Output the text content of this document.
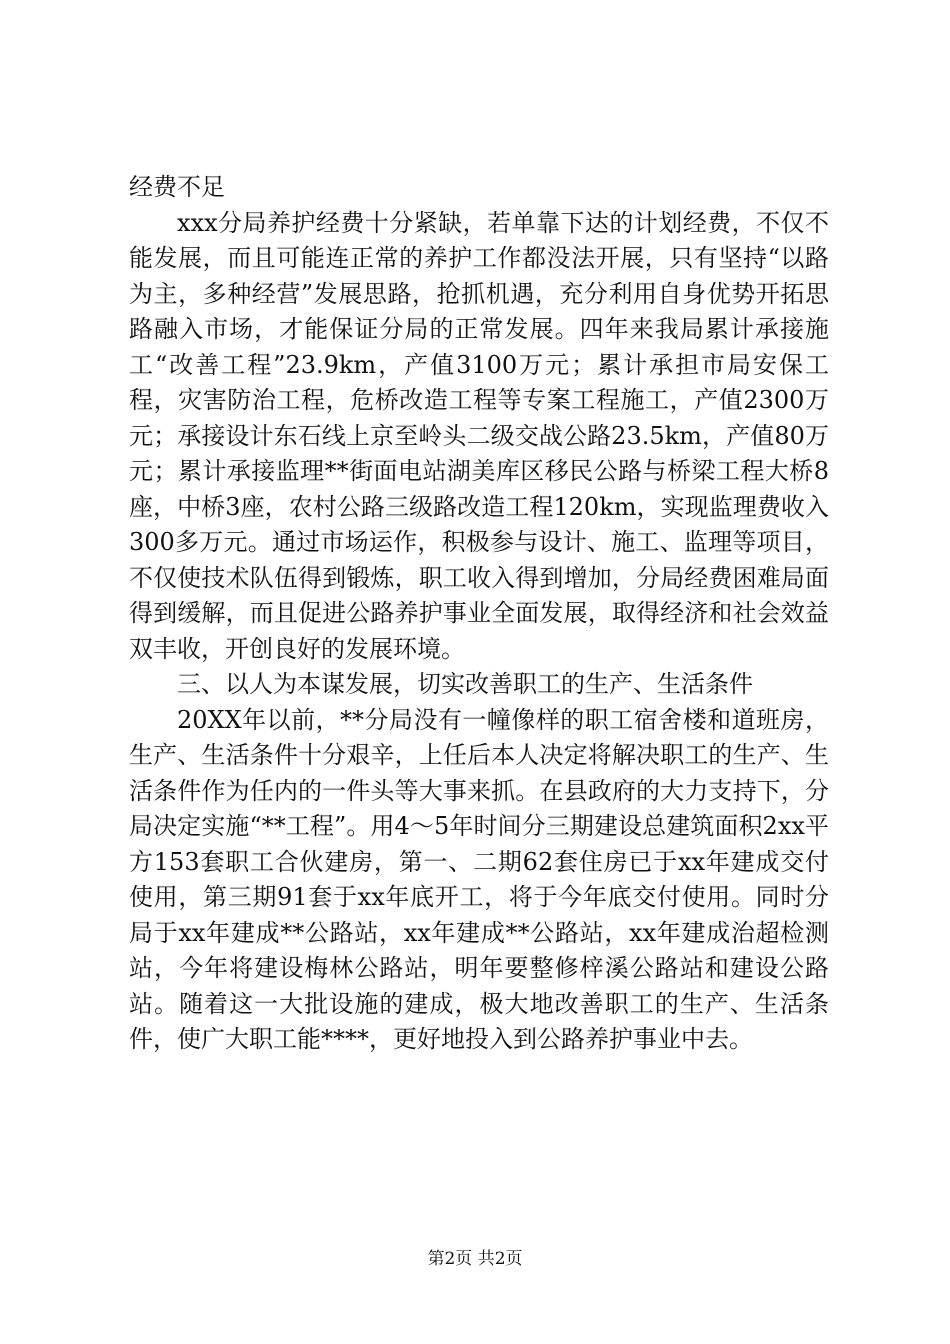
经费不足

xxx分局养护经费十分紧缺，若单靠下达的计划经费，不仅不能发展，而且可能连正常的养护工作都没法开展，只有坚持“以路为主，多种经营”发展思路，抢抓机遇，充分利用自身优势开拓思路融入市场，才能保证分局的正常发展。四年来我局累计承接施工“改善工程”23.9km，产值3100万元；累计承担市局安保工程，灾害防治工程，危桥改造工程等专案工程施工，产值2300万元；承接设计东石线上京至岭头二级交战公路23.5km，产值80万元；累计承接监理**街面电站湖美库区移民公路与桥梁工程大桥8座，中桥3座，农村公路三级路改造工程120km，实现监理费收入300多万元。通过市场运作，积极参与设计、施工、监理等项目，不仅使技术队伍得到锻炼，职工收入得到增加，分局经费困难局面得到缓解，而且促进公路养护事业全面发展，取得经济和社会效益双丰收，开创良好的发展环境。

三、以人为本谋发展，切实改善职工的生产、生活条件

20XX年以前，**分局没有一幢像样的职工宿舍楼和道班房，生产、生活条件十分艰辛，上任后本人决定将解决职工的生产、生活条件作为任内的一件头等大事来抓。在县政府的大力支持下，分局决定实施“**工程”。用4～5年时间分三期建设总建筑面积2xx平方153套职工合伙建房，第一、二期62套住房已于xx年建成交付使用，第三期91套于xx年底开工，将于今年底交付使用。同时分局于xx年建成**公路站，xx年建成**公路站，xx年建成治超检测站，今年将建设梅林公路站，明年要整修梓溪公路站和建设公路站。随着这一大批设施的建成，极大地改善职工的生产、生活条件，使广大职工能****，更好地投入到公路养护事业中去。

第2页 共2页
